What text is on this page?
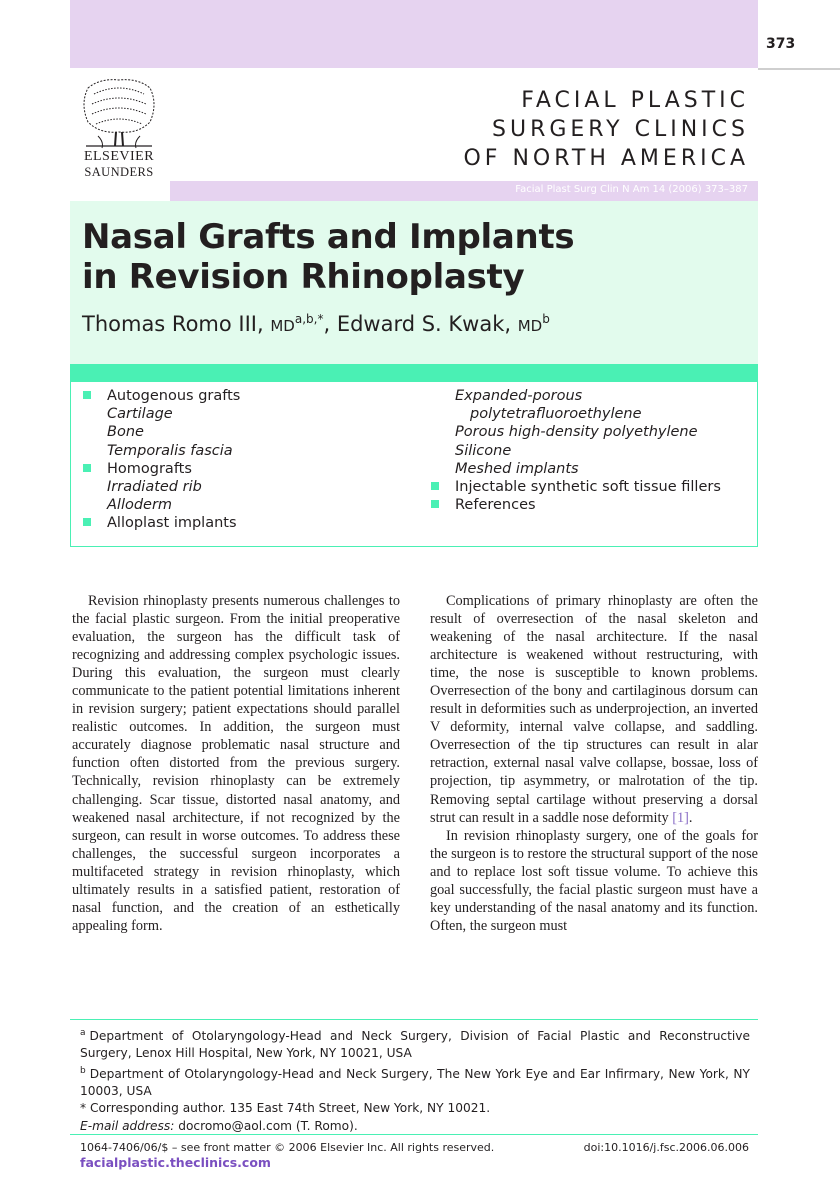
373
ELSEVIER
SAUNDERS
FACIAL PLASTIC
SURGERY CLINICS
OF NORTH AMERICA
Facial Plast Surg Clin N Am 14 (2006) 373–387
Nasal Grafts and Implants
in Revision Rhinoplasty
Thomas Romo III, $MD^{a,b,*}$, Edward S. Kwak, $MD^b$
Autogenous grafts
Cartilage
Bone
Temporalis fascia
Homografts
Irradiated rib
Alloderm
Alloplast implants
Expanded-porous
polytetrafluoroethylene
Porous high-density polyethylene
Silicone
Meshed implants
Injectable synthetic soft tissue fillers
References

Revision rhinoplasty presents numerous challenges to the facial plastic surgeon. From the initial preoperative evaluation, the surgeon has the difficult task of recognizing and addressing complex psychologic issues. During this evaluation, the surgeon must clearly communicate to the patient potential limitations inherent in revision surgery; patient expectations should parallel realistic outcomes. In addition, the surgeon must accurately diagnose problematic nasal structure and function often distorted from the previous surgery. Technically, revision rhinoplasty can be extremely challenging. Scar tissue, distorted nasal anatomy, and weakened nasal architecture, if not recognized by the surgeon, can result in worse outcomes. To address these challenges, the successful surgeon incorporates a multifaceted strategy in revision rhinoplasty, which ultimately results in a satisfied patient, restoration of nasal function, and the creation of an esthetically appealing form.

Complications of primary rhinoplasty are often the result of overresection of the nasal skeleton and weakening of the nasal architecture. If the nasal architecture is weakened without restructuring, with time, the nose is susceptible to known problems. Overresection of the bony and cartilaginous dorsum can result in deformities such as underprojection, an inverted V deformity, internal valve collapse, and saddling. Overresection of the tip structures can result in alar retraction, external nasal valve collapse, bossae, loss of projection, tip asymmetry, or malrotation of the tip. Removing septal cartilage without preserving a dorsal strut can result in a saddle nose deformity [1].

In revision rhinoplasty surgery, one of the goals for the surgeon is to restore the structural support of the nose and to replace lost soft tissue volume. To achieve this goal successfully, the facial plastic surgeon must have a key understanding of the nasal anatomy and its function. Often, the surgeon must

$^a$ Department of Otolaryngology-Head and Neck Surgery, Division of Facial Plastic and Reconstructive Surgery, Lenox Hill Hospital, New York, NY 10021, USA
$^b$ Department of Otolaryngology-Head and Neck Surgery, The New York Eye and Ear Infirmary, New York, NY 10003, USA
* Corresponding author. 135 East 74th Street, New York, NY 10021.
E-mail address: docromo@aol.com (T. Romo).
1064-7406/06/$ – see front matter © 2006 Elsevier Inc. All rights reserved.	doi:10.1016/j.fsc.2006.06.006
facialplastic.theclinics.com
